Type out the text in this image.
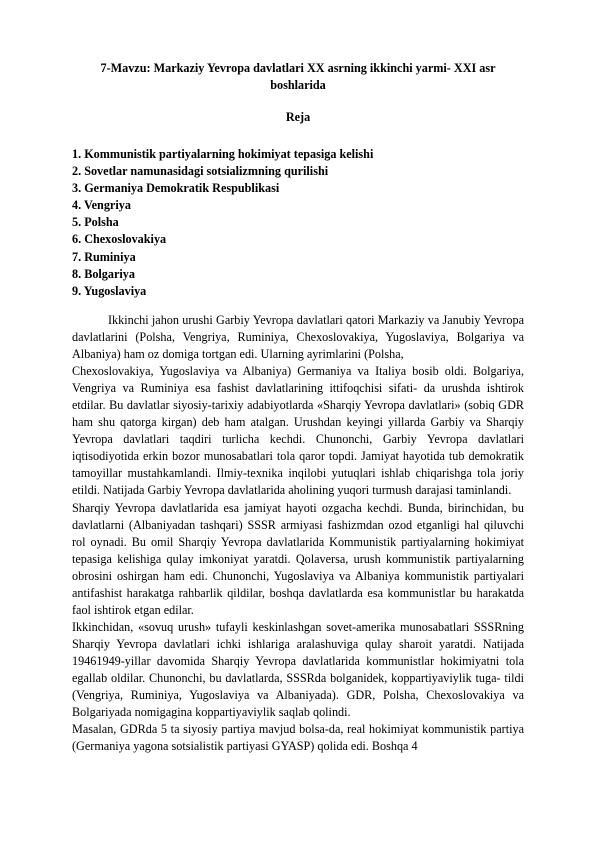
7-Mavzu: Markaziy Yevropa davlatlari XX asrning ikkinchi yarmi- XXI asr boshlarida
Reja
1. Kommunistik partiyalarning hokimiyat tepasiga kelishi
2. Sovetlar namunasidagi sotsializmning qurilishi
3. Germaniya Demokratik Respublikasi
4. Vengriya
5. Polsha
6. Chexoslovakiya
7. Ruminiya
8. Bolgariya
9. Yugoslaviya

Ikkinchi jahon urushi Garbiy Yevropa davlatlari qatori Markaziy va Janubiy Yevropa davlatlarini (Polsha, Vengriya, Ruminiya, Chexoslovakiya, Yugoslaviya, Bolgariya va Albaniya) ham oz domiga tortgan edi. Ularning ayrimlarini (Polsha,

Chexoslovakiya, Yugoslaviya va Albaniya) Germaniya va Italiya bosib oldi. Bolgariya, Vengriya va Ruminiya esa fashist davlatlarining ittifoqchisi sifati- da urushda ishtirok etdilar. Bu davlatlar siyosiy-tarixiy adabiyotlarda «Sharqiy Yevropa davlatlari» (sobiq GDR ham shu qatorga kirgan) deb ham atalgan. Urushdan keyingi yillarda Garbiy va Sharqiy Yevropa davlatlari taqdiri turlicha kechdi. Chunonchi, Garbiy Yevropa davlatlari iqtisodiyotida erkin bozor munosabatlari tola qaror topdi. Jamiyat hayotida tub demokratik tamoyillar mustahkamlandi. Ilmiy-texnika inqilobi yutuqlari ishlab chiqarishga tola joriy etildi. Natijada Garbiy Yevropa davlatlarida aholining yuqori turmush darajasi taminlandi.

Sharqiy Yevropa davlatlarida esa jamiyat hayoti ozgacha kechdi. Bunda, birinchidan, bu davlatlarni (Albaniyadan tashqari) SSSR armiyasi fashizmdan ozod etganligi hal qiluvchi rol oynadi. Bu omil Sharqiy Yevropa davlatlarida Kommunistik partiyalarning hokimiyat tepasiga kelishiga qulay imkoniyat yaratdi. Qolaversa, urush kommunistik partiyalarning obrosini oshirgan ham edi. Chunonchi, Yugoslaviya va Albaniya kommunistik partiyalari antifashist harakatga rahbarlik qildilar, boshqa davlatlarda esa kommunistlar bu harakatda faol ishtirok etgan edilar.

Ikkinchidan, «sovuq urush» tufayli keskinlashgan sovet-amerika munosabatlari SSSRning Sharqiy Yevropa davlatlari ichki ishlariga aralashuviga qulay sharoit yaratdi. Natijada 19461949-yillar davomida Sharqiy Yevropa davlatlarida kommunistlar hokimiyatni tola egallab oldilar. Chunonchi, bu davlatlarda, SSSRda bolganidek, koppartiyaviylik tuga- tildi (Vengriya, Ruminiya, Yugoslaviya va Albaniyada). GDR, Polsha, Chexoslovakiya va Bolgariyada nomigagina koppartiyaviylik saqlab qolindi.

Masalan, GDRda 5 ta siyosiy partiya mavjud bolsa-da, real hokimiyat kommunistik partiya (Germaniya yagona sotsialistik partiyasi GYASP) qolida edi. Boshqa 4
